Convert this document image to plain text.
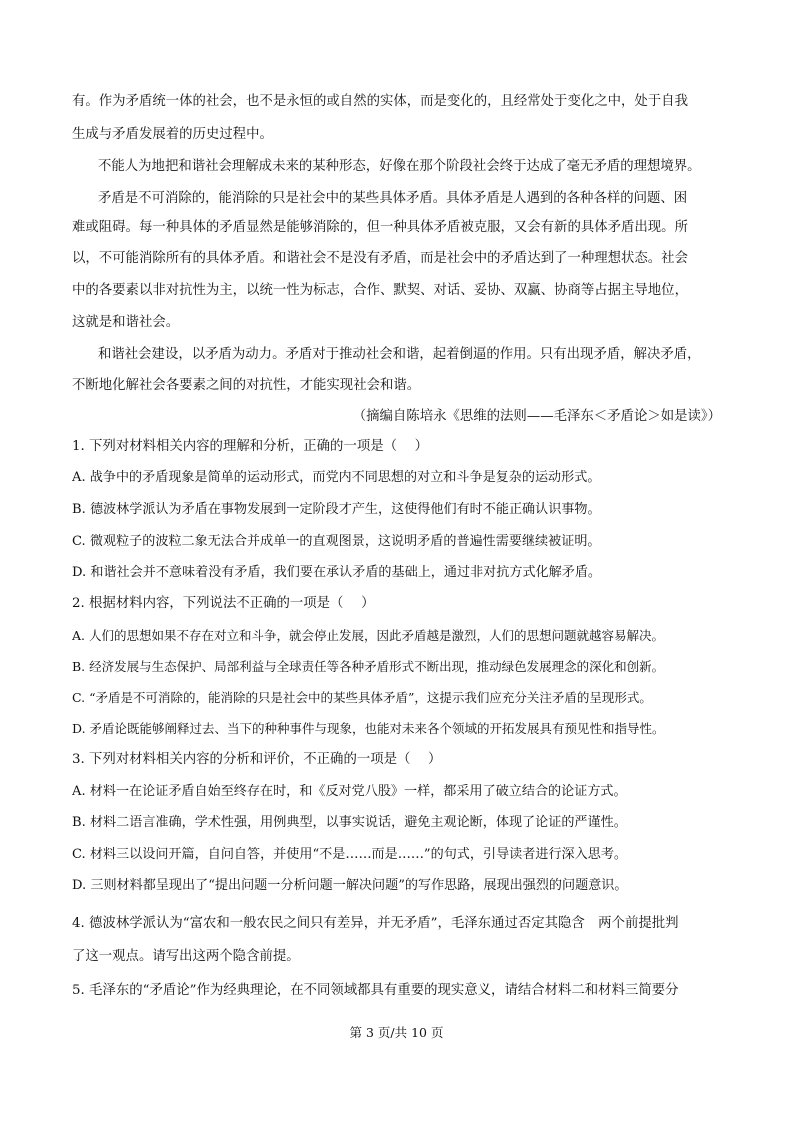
有。作为矛盾统一体的社会，也不是永恒的或自然的实体，而是变化的，且经常处于变化之中，处于自我
生成与矛盾发展着的历史过程中。
不能人为地把和谐社会理解成未来的某种形态，好像在那个阶段社会终于达成了毫无矛盾的理想境界。
矛盾是不可消除的，能消除的只是社会中的某些具体矛盾。具体矛盾是人遇到的各种各样的问题、困
难或阻碍。每一种具体的矛盾显然是能够消除的，但一种具体矛盾被克服，又会有新的具体矛盾出现。所
以，不可能消除所有的具体矛盾。和谐社会不是没有矛盾，而是社会中的矛盾达到了一种理想状态。社会
中的各要素以非对抗性为主，以统一性为标志，合作、默契、对话、妥协、双赢、协商等占据主导地位，
这就是和谐社会。
和谐社会建设，以矛盾为动力。矛盾对于推动社会和谐，起着倒逼的作用。只有出现矛盾，解决矛盾，
不断地化解社会各要素之间的对抗性，才能实现社会和谐。
（摘编自陈培永《思维的法则——毛泽东＜矛盾论＞如是读》）
1. 下列对材料相关内容的理解和分析，正确的一项是（　 ）
A. 战争中的矛盾现象是简单的运动形式，而党内不同思想的对立和斗争是复杂的运动形式。
B. 德波林学派认为矛盾在事物发展到一定阶段才产生，这使得他们有时不能正确认识事物。
C. 微观粒子的波粒二象无法合并成单一的直观图景，这说明矛盾的普遍性需要继续被证明。
D. 和谐社会并不意味着没有矛盾，我们要在承认矛盾的基础上，通过非对抗方式化解矛盾。
2. 根据材料内容，下列说法不正确的一项是（　 ）
A. 人们的思想如果不存在对立和斗争，就会停止发展，因此矛盾越是激烈，人们的思想问题就越容易解决。
B. 经济发展与生态保护、局部利益与全球责任等各种矛盾形式不断出现，推动绿色发展理念的深化和创新。
C. “矛盾是不可消除的，能消除的只是社会中的某些具体矛盾”，这提示我们应充分关注矛盾的呈现形式。
D. 矛盾论既能够阐释过去、当下的种种事件与现象，也能对未来各个领域的开拓发展具有预见性和指导性。
3. 下列对材料相关内容的分析和评价，不正确的一项是（　 ）
A. 材料一在论证矛盾自始至终存在时，和《反对党八股》一样，都采用了破立结合的论证方式。
B. 材料二语言准确，学术性强，用例典型，以事实说话，避免主观论断，体现了论证的严谨性。
C. 材料三以设问开篇，自问自答，并使用“不是……而是……”的句式，引导读者进行深入思考。
D. 三则材料都呈现出了“提出问题一分析问题一解决问题”的写作思路，展现出强烈的问题意识。
4. 德波林学派认为“富农和一般农民之间只有差异，并无矛盾”，毛泽东通过否定其隐含　两个前提批判
了这一观点。请写出这两个隐含前提。
5. 毛泽东的“矛盾论”作为经典理论，在不同领域都具有重要的现实意义，请结合材料二和材料三简要分
第 3 页/共 10 页
